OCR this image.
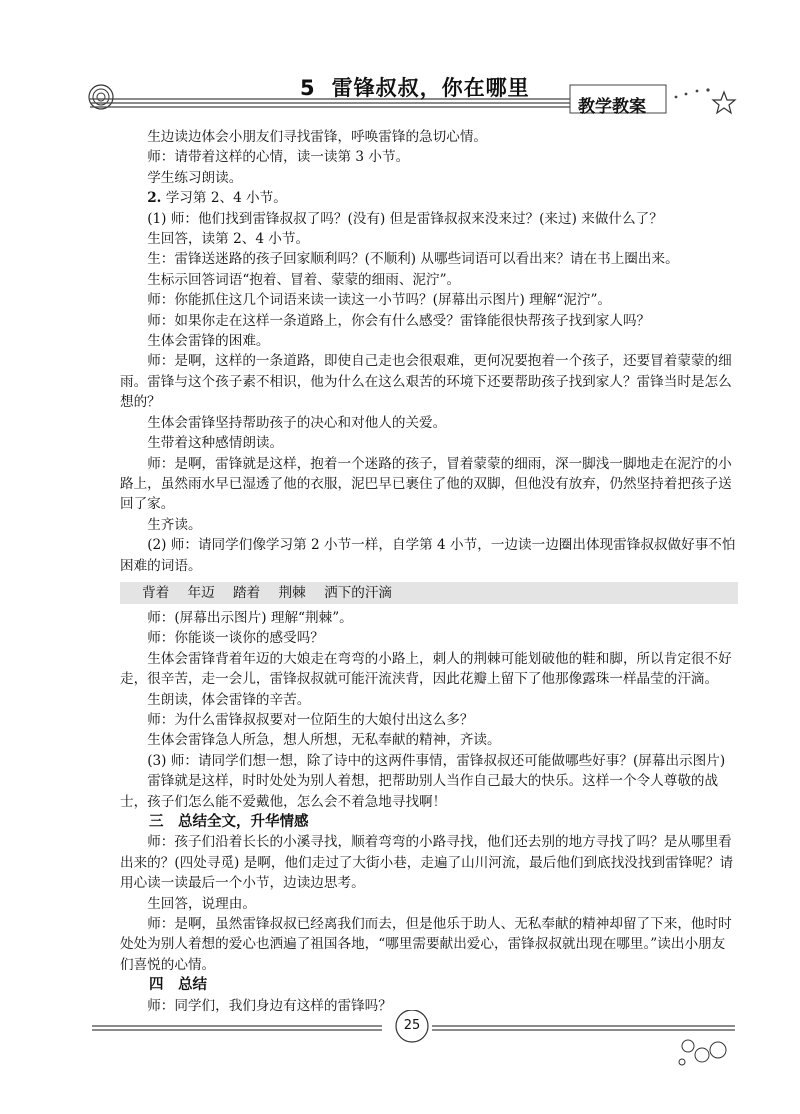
5 雷锋叔叔，你在哪里
教学教案

生边读边体会小朋友们寻找雷锋，呼唤雷锋的急切心情。

师：请带着这样的心情，读一读第 3 小节。

学生练习朗读。

2. 学习第 2、4 小节。

(1) 师：他们找到雷锋叔叔了吗？(没有) 但是雷锋叔叔来没来过？(来过) 来做什么了？

生回答，读第 2、4 小节。

生：雷锋送迷路的孩子回家顺利吗？(不顺利) 从哪些词语可以看出来？请在书上圈出来。

生标示回答词语“抱着、冒着、蒙蒙的细雨、泥泞”。

师：你能抓住这几个词语来读一读这一小节吗？(屏幕出示图片) 理解“泥泞”。

师：如果你走在这样一条道路上，你会有什么感受？雷锋能很快帮孩子找到家人吗？

生体会雷锋的困难。

师：是啊，这样的一条道路，即使自己走也会很艰难，更何况要抱着一个孩子，还要冒着蒙蒙的细雨。雷锋与这个孩子素不相识，他为什么在这么艰苦的环境下还要帮助孩子找到家人？雷锋当时是怎么想的？

生体会雷锋坚持帮助孩子的决心和对他人的关爱。

生带着这种感情朗读。

师：是啊，雷锋就是这样，抱着一个迷路的孩子，冒着蒙蒙的细雨，深一脚浅一脚地走在泥泞的小路上，虽然雨水早已湿透了他的衣服，泥巴早已裹住了他的双脚，但他没有放弃，仍然坚持着把孩子送回了家。

生齐读。

(2) 师：请同学们像学习第 2 小节一样，自学第 4 小节，一边读一边圈出体现雷锋叔叔做好事不怕困难的词语。

背着 年迈 踏着 荆棘 洒下的汗滴

师：(屏幕出示图片) 理解“荆棘”。

师：你能谈一谈你的感受吗？

生体会雷锋背着年迈的大娘走在弯弯的小路上，刺人的荆棘可能划破他的鞋和脚，所以肯定很不好走，很辛苦，走一会儿，雷锋叔叔就可能汗流浃背，因此花瓣上留下了他那像露珠一样晶莹的汗滴。

生朗读，体会雷锋的辛苦。

师：为什么雷锋叔叔要对一位陌生的大娘付出这么多？

生体会雷锋急人所急，想人所想，无私奉献的精神，齐读。

(3) 师：请同学们想一想，除了诗中的这两件事情，雷锋叔叔还可能做哪些好事？(屏幕出示图片)

雷锋就是这样，时时处处为别人着想，把帮助别人当作自己最大的快乐。这样一个令人尊敬的战士，孩子们怎么能不爱戴他，怎么会不着急地寻找啊！

三　总结全文，升华情感

师：孩子们沿着长长的小溪寻找，顺着弯弯的小路寻找，他们还去别的地方寻找了吗？是从哪里看出来的？(四处寻觅) 是啊，他们走过了大街小巷，走遍了山川河流，最后他们到底找没找到雷锋呢？请用心读一读最后一个小节，边读边思考。

生回答，说理由。

师：是啊，虽然雷锋叔叔已经离我们而去，但是他乐于助人、无私奉献的精神却留了下来，他时时处处为别人着想的爱心也洒遍了祖国各地，“哪里需要献出爱心，雷锋叔叔就出现在哪里。”读出小朋友们喜悦的心情。

四　总结

师：同学们，我们身边有这样的雷锋吗？

25
